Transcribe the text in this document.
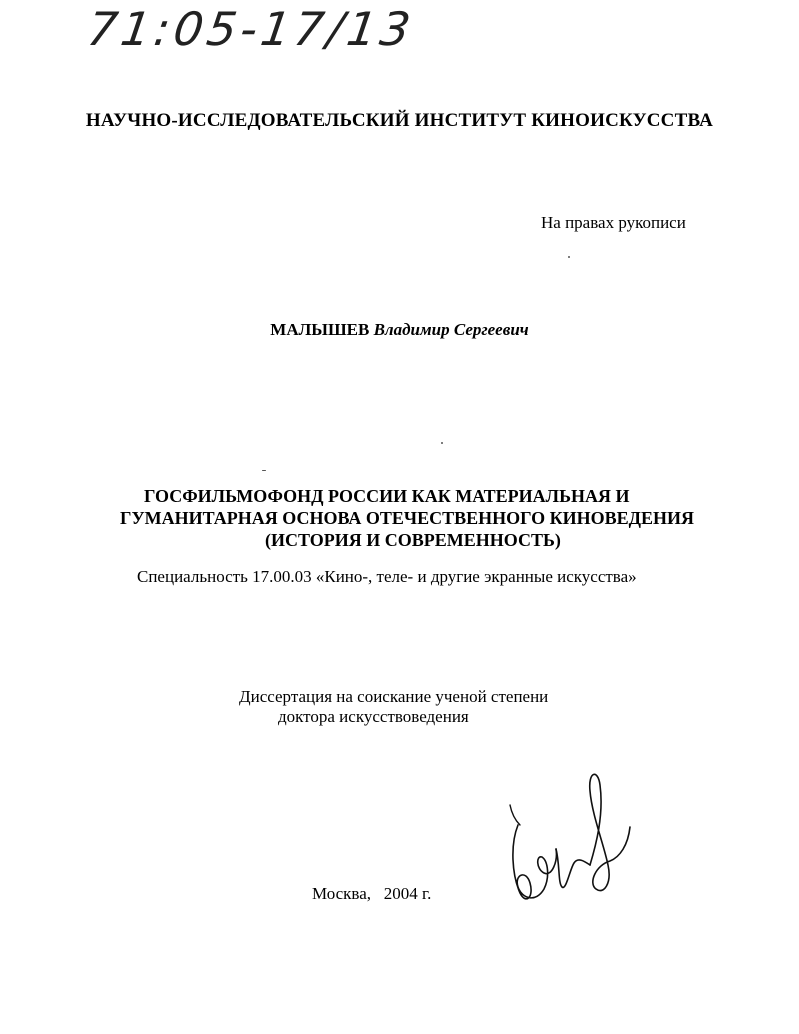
71:05-17/13
НАУЧНО-ИССЛЕДОВАТЕЛЬСКИЙ ИНСТИТУТ КИНОИСКУССТВА
На правах рукописи
МАЛЫШЕВ Владимир Сергеевич
ГОСФИЛЬМОФОНД РОССИИ КАК МАТЕРИАЛЬНАЯ И
ГУМАНИТАРНАЯ ОСНОВА ОТЕЧЕСТВЕННОГО КИНОВЕДЕНИЯ
(ИСТОРИЯ И СОВРЕМЕННОСТЬ)
Специальность 17.00.03 «Кино-, теле- и другие экранные искусства»
Диссертация на соискание ученой степени
доктора искусствоведения
Москва,   2004 г.
